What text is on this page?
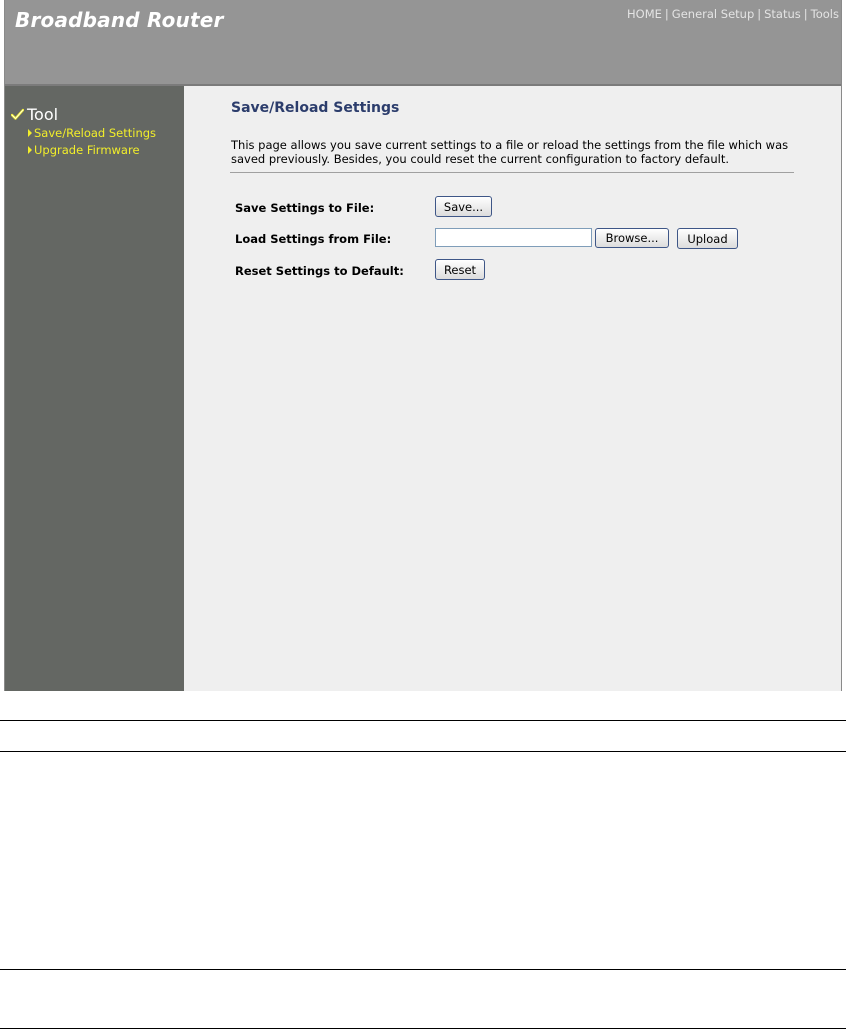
Broadband Router	HOME | General Setup | Status | Tools
Tool
Save/Reload Settings
Upgrade Firmware
Save/Reload Settings
This page allows you save current settings to a file or reload the settings from the file which was saved previously. Besides, you could reset the current configuration to factory default.
Save Settings to File:	Save...
Load Settings from File:	Browse...	Upload
Reset Settings to Default:	Reset
